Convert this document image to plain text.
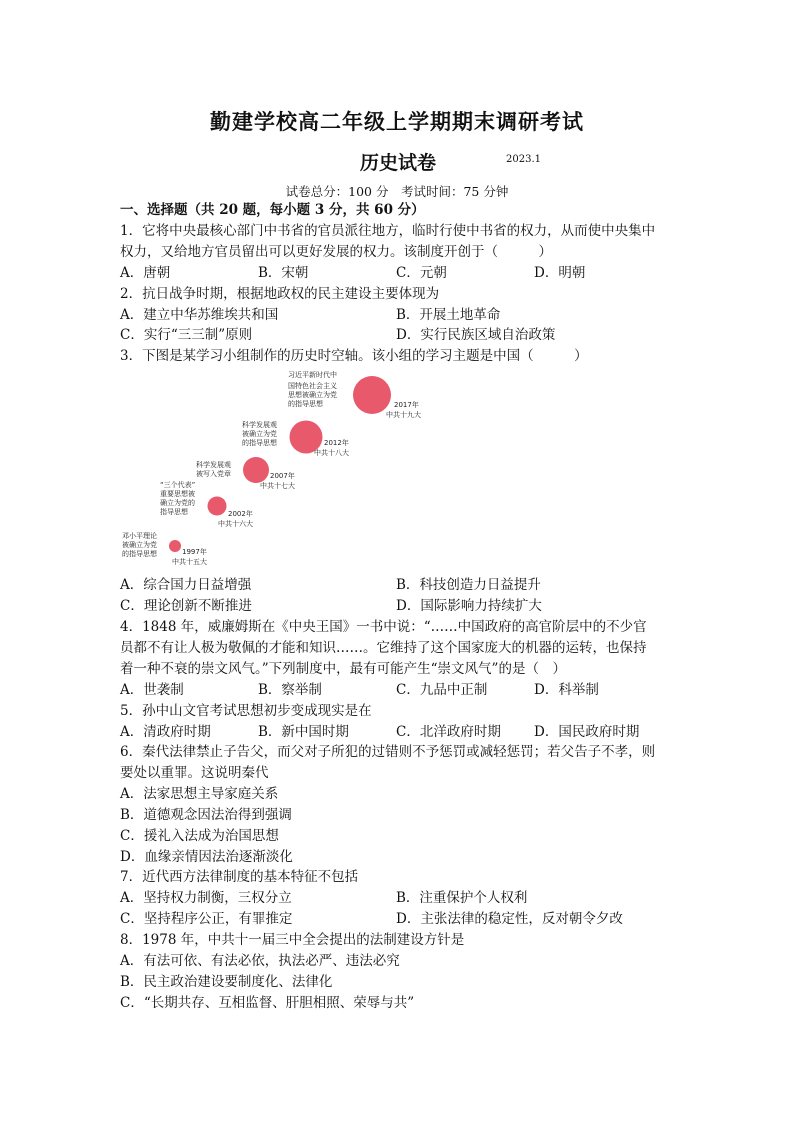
勤建学校高二年级上学期期末调研考试
历史试卷	2023.1
试卷总分：100 分　考试时间：75 分钟
一、选择题（共 20 题，每小题 3 分，共 60 分）
1．它将中央最核心部门中书省的官员派往地方，临时行使中书省的权力，从而使中央集中
权力，又给地方官员留出可以更好发展的权力。该制度开创于（　　　）
A．唐朝	B．宋朝	C．元朝	D．明朝
2．抗日战争时期，根据地政权的民主建设主要体现为
A．建立中华苏维埃共和国	B．开展土地革命
C．实行“三三制”原则	D．实行民族区域自治政策
3．下图是某学习小组制作的历史时空轴。该小组的学习主题是中国（　　　）
邓小平理论
被确立为党
的指导思想	1997年
中共十五大
“三个代表”
重要思想被
确立为党的
指导思想	2002年
中共十六大
科学发展观
被写入党章	2007年
中共十七大
科学发展观
被确立为党
的指导思想	2012年
中共十八大
习近平新时代中
国特色社会主义
思想被确立为党
的指导思想	2017年
中共十九大
A．综合国力日益增强	B．科技创造力日益提升
C．理论创新不断推进	D．国际影响力持续扩大
4．1848 年，威廉姆斯在《中央王国》一书中说：“……中国政府的高官阶层中的不少官
员都不有让人极为敬佩的才能和知识……。它维持了这个国家庞大的机器的运转，也保持
着一种不衰的崇文风气。”下列制度中，最有可能产生“崇文风气”的是（　）
A．世袭制	B．察举制	C．九品中正制	D．科举制
5．孙中山文官考试思想初步变成现实是在
A．清政府时期	B．新中国时期	C．北洋政府时期 D．国民政府时期
6．秦代法律禁止子告父，而父对子所犯的过错则不予惩罚或减轻惩罚；若父告子不孝，则
要处以重罪。这说明秦代
A．法家思想主导家庭关系
B．道德观念因法治得到强调
C．援礼入法成为治国思想
D．血缘亲情因法治逐渐淡化
7．近代西方法律制度的基本特征不包括
A．坚持权力制衡，三权分立	B．注重保护个人权利
C．坚持程序公正，有罪推定	D．主张法律的稳定性，反对朝令夕改
8．1978 年，中共十一届三中全会提出的法制建设方针是
A．有法可依、有法必依，执法必严、违法必究
B．民主政治建设要制度化、法律化
C．“长期共存、互相监督、肝胆相照、荣辱与共”
